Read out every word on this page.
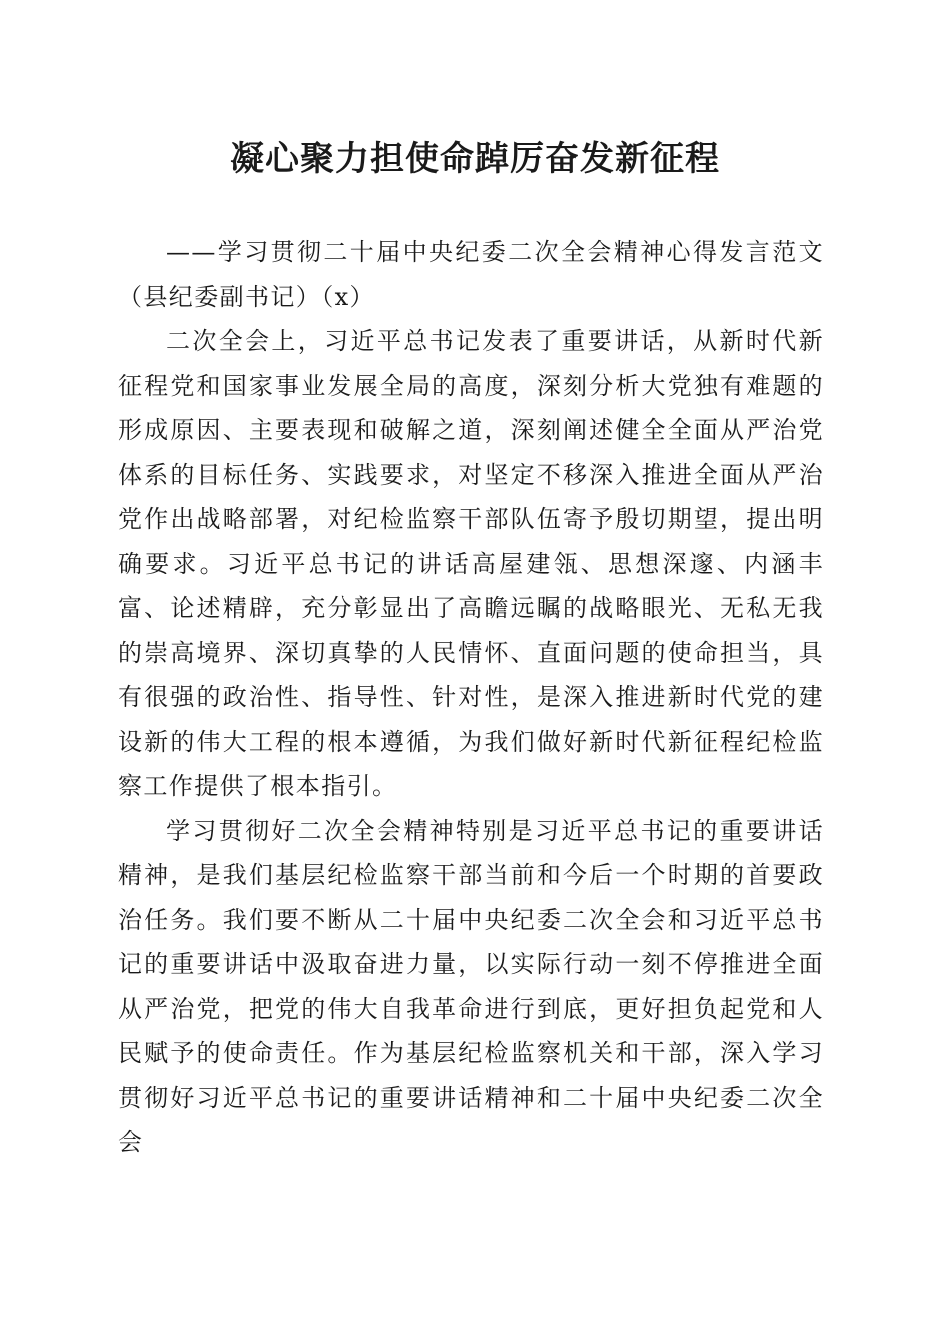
凝心聚力担使命踔厉奋发新征程

——学习贯彻二十届中央纪委二次全会精神心得发言范文（县纪委副书记）（x）

二次全会上，习近平总书记发表了重要讲话，从新时代新征程党和国家事业发展全局的高度，深刻分析大党独有难题的形成原因、主要表现和破解之道，深刻阐述健全全面从严治党体系的目标任务、实践要求，对坚定不移深入推进全面从严治党作出战略部署，对纪检监察干部队伍寄予殷切期望，提出明确要求。习近平总书记的讲话高屋建瓴、思想深邃、内涵丰富、论述精辟，充分彰显出了高瞻远瞩的战略眼光、无私无我的崇高境界、深切真挚的人民情怀、直面问题的使命担当，具有很强的政治性、指导性、针对性，是深入推进新时代党的建设新的伟大工程的根本遵循，为我们做好新时代新征程纪检监察工作提供了根本指引。

学习贯彻好二次全会精神特别是习近平总书记的重要讲话精神，是我们基层纪检监察干部当前和今后一个时期的首要政治任务。我们要不断从二十届中央纪委二次全会和习近平总书记的重要讲话中汲取奋进力量，以实际行动一刻不停推进全面从严治党，把党的伟大自我革命进行到底，更好担负起党和人民赋予的使命责任。作为基层纪检监察机关和干部，深入学习贯彻好习近平总书记的重要讲话精神和二十届中央纪委二次全会
